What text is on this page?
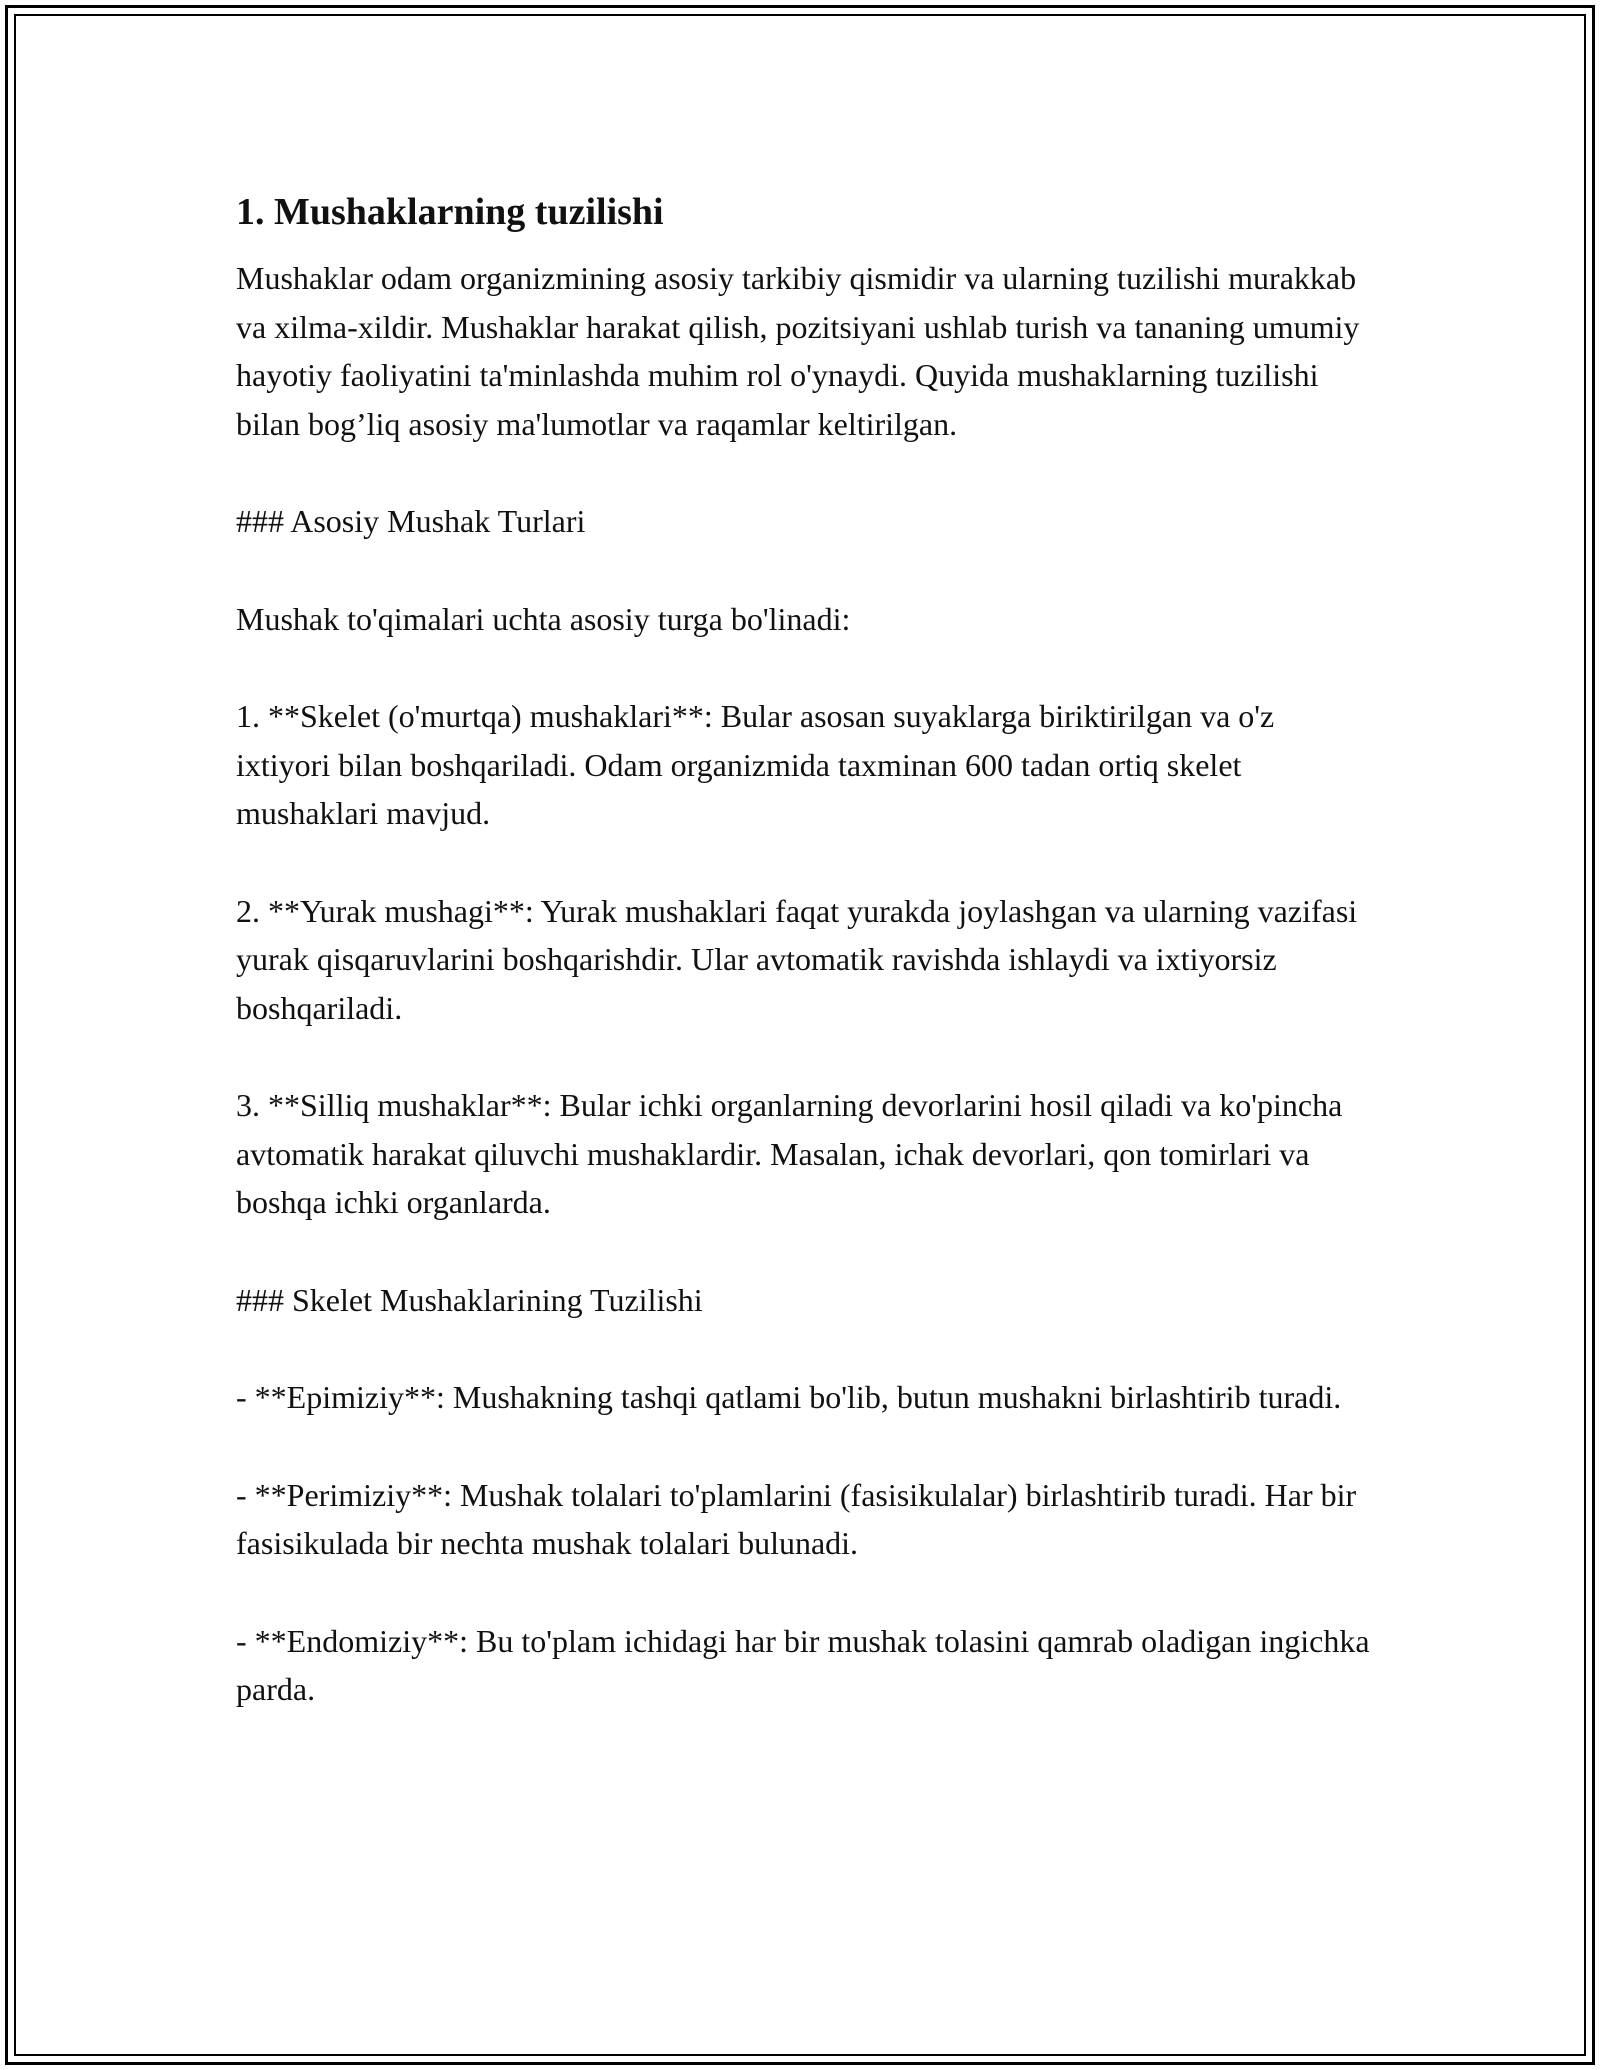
1. Mushaklarning tuzilishi

Mushaklar odam organizmining asosiy tarkibiy qismidir va ularning tuzilishi murakkab va xilma-xildir. Mushaklar harakat qilish, pozitsiyani ushlab turish va tananing umumiy hayotiy faoliyatini ta'minlashda muhim rol o'ynaydi. Quyida mushaklarning tuzilishi bilan bog’liq asosiy ma'lumotlar va raqamlar keltirilgan.

### Asosiy Mushak Turlari

Mushak to'qimalari uchta asosiy turga bo'linadi:

1. **Skelet (o'murtqa) mushaklari**: Bular asosan suyaklarga biriktirilgan va o'z ixtiyori bilan boshqariladi. Odam organizmida taxminan 600 tadan ortiq skelet mushaklari mavjud.

2. **Yurak mushagi**: Yurak mushaklari faqat yurakda joylashgan va ularning vazifasi yurak qisqaruvlarini boshqarishdir. Ular avtomatik ravishda ishlaydi va ixtiyorsiz boshqariladi.

3. **Silliq mushaklar**: Bular ichki organlarning devorlarini hosil qiladi va ko'pincha avtomatik harakat qiluvchi mushaklardir. Masalan, ichak devorlari, qon tomirlari va boshqa ichki organlarda.

### Skelet Mushaklarining Tuzilishi

- **Epimiziy**: Mushakning tashqi qatlami bo'lib, butun mushakni birlashtirib turadi.

- **Perimiziy**: Mushak tolalari to'plamlarini (fasisikulalar) birlashtirib turadi. Har bir fasisikulada bir nechta mushak tolalari bulunadi.

- **Endomiziy**: Bu to'plam ichidagi har bir mushak tolasini qamrab oladigan ingichka parda.
